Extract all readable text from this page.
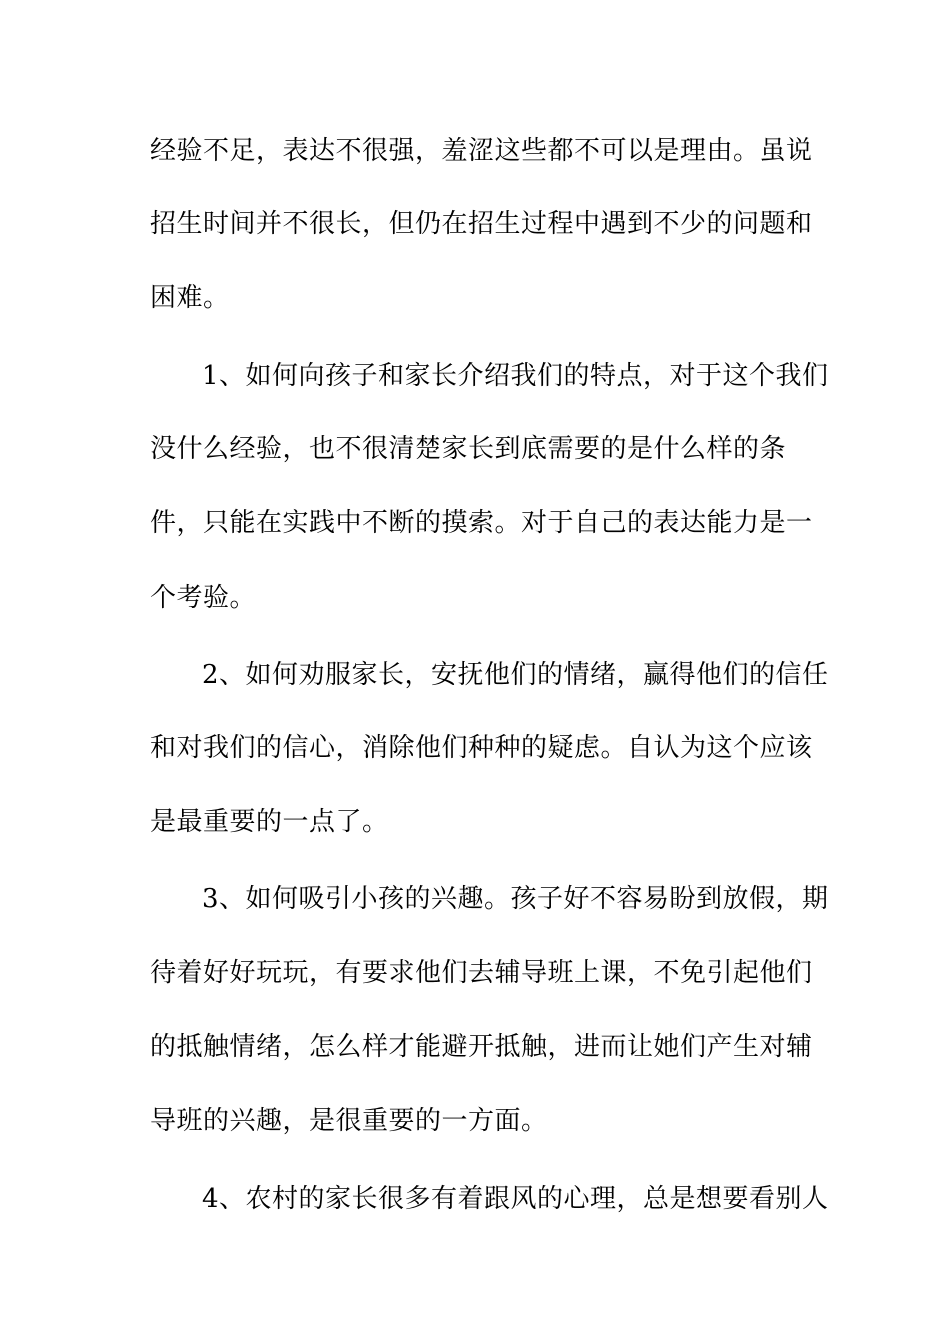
经验不足，表达不很强，羞涩这些都不可以是理由。虽说

招生时间并不很长，但仍在招生过程中遇到不少的问题和

困难。

1、如何向孩子和家长介绍我们的特点，对于这个我们

没什么经验，也不很清楚家长到底需要的是什么样的条

件，只能在实践中不断的摸索。对于自己的表达能力是一

个考验。

2、如何劝服家长，安抚他们的情绪，赢得他们的信任

和对我们的信心，消除他们种种的疑虑。自认为这个应该

是最重要的一点了。

3、如何吸引小孩的兴趣。孩子好不容易盼到放假，期

待着好好玩玩，有要求他们去辅导班上课，不免引起他们

的抵触情绪，怎么样才能避开抵触，进而让她们产生对辅

导班的兴趣，是很重要的一方面。

4、农村的家长很多有着跟风的心理，总是想要看别人
